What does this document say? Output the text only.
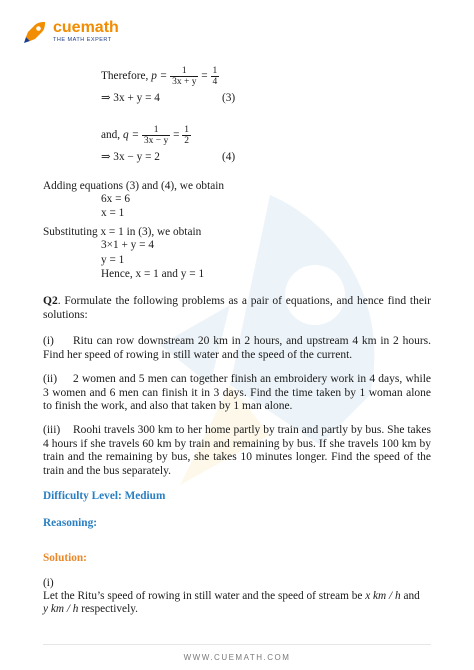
cuemath
THE MATH EXPERT
Therefore, $p = \frac{1}{3x + y} = \frac{1}{4}$
⇒ 3x + y = 4	(3)
and, $q = \frac{1}{3x - y} = \frac{1}{2}$
⇒ 3x − y = 2	(4)
Adding equations (3) and (4), we obtain
6x = 6
x = 1
Substituting x = 1 in (3), we obtain
3×1 + y = 4
y = 1
Hence, x = 1 and y = 1
Q2. Formulate the following problems as a pair of equations, and hence find their solutions:
(i) Ritu can row downstream 20 km in 2 hours, and upstream 4 km in 2 hours. Find her speed of rowing in still water and the speed of the current.
(ii) 2 women and 5 men can together finish an embroidery work in 4 days, while 3 women and 6 men can finish it in 3 days. Find the time taken by 1 woman alone to finish the work, and also that taken by 1 man alone.
(iii) Roohi travels 300 km to her home partly by train and partly by bus. She takes 4 hours if she travels 60 km by train and remaining by bus. If she travels 100 km by train and the remaining by bus, she takes 10 minutes longer. Find the speed of the train and the bus separately.
Difficulty Level: Medium
Reasoning:
Solution:
(i)
Let the Ritu’s speed of rowing in still water and the speed of stream be x km / h and
y km / h respectively.
WWW.CUEMATH.COM
